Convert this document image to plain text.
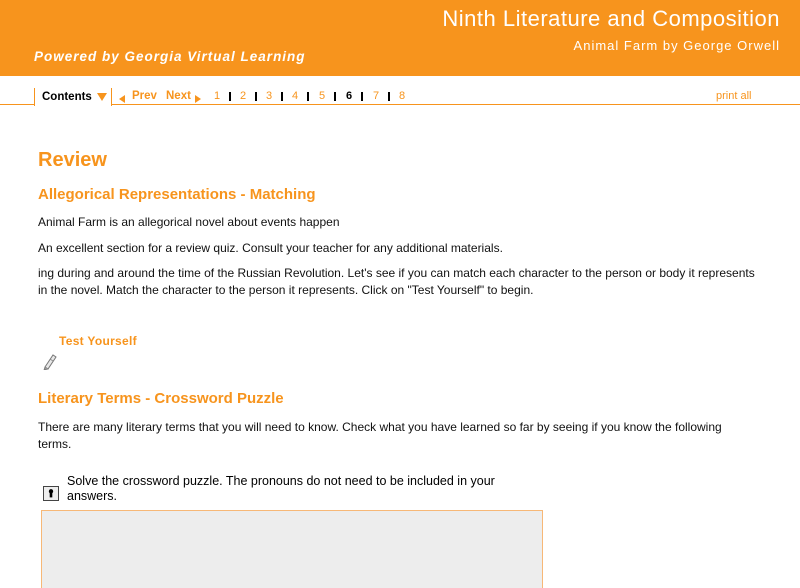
Ninth Literature and Composition
Animal Farm by George Orwell
Powered by Georgia Virtual Learning
Contents	Prev Next 1 2 3 4 5 6 7 8	print all
Review
Allegorical Representations - Matching
Animal Farm is an allegorical novel about events happen
An excellent section for a review quiz. Consult your teacher for any additional materials.
ing during and around the time of the Russian Revolution. Let's see if you can match each character to the person or body it represents in the novel. Match the character to the person it represents. Click on "Test Yourself" to begin.
Test Yourself
Literary Terms - Crossword Puzzle
There are many literary terms that you will need to know. Check what you have learned so far by seeing if you know the following terms.
Solve the crossword puzzle. The pronouns do not need to be included in your answers.
